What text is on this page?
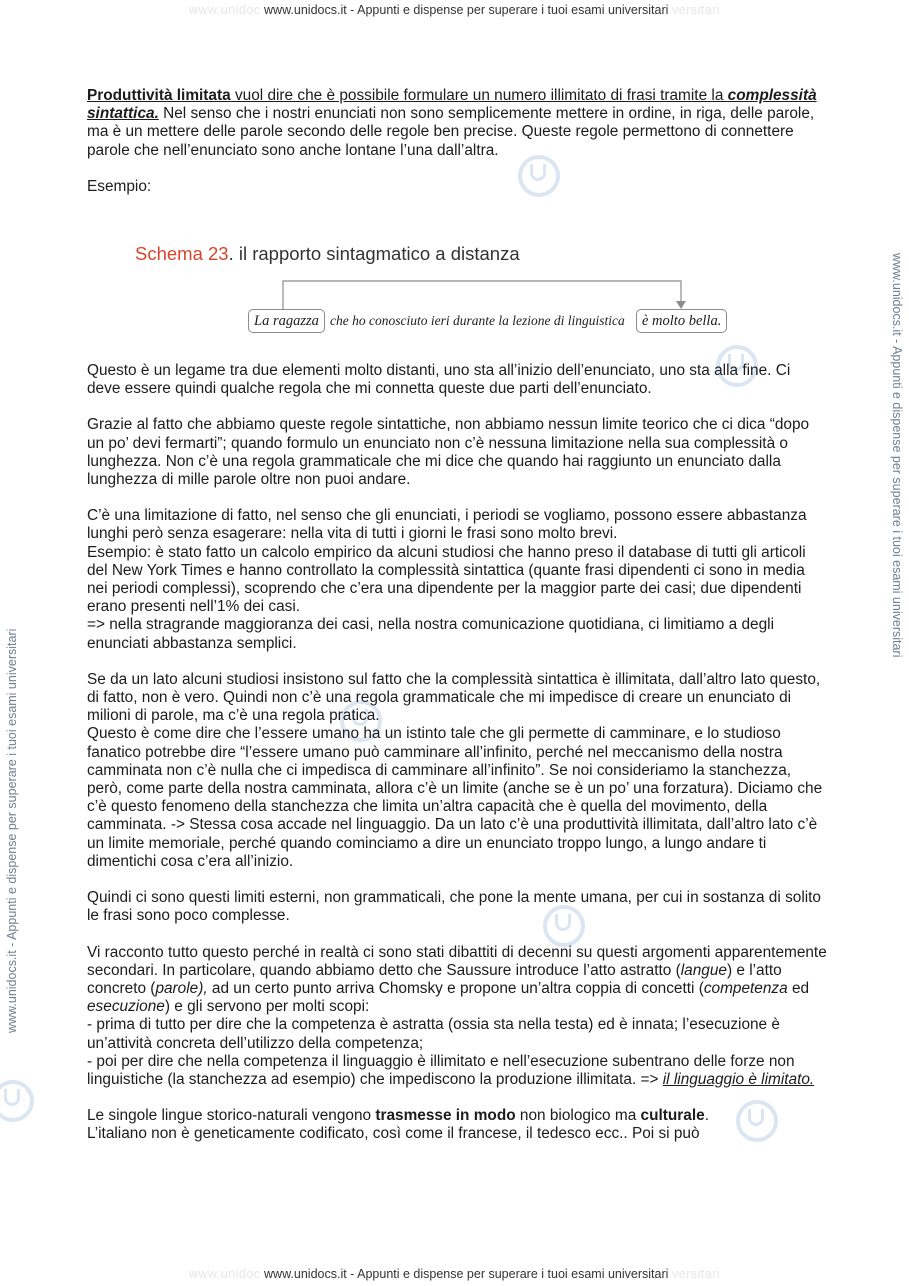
www.unidoc www.unidocs.it - Appunti e dispense per superare i tuoi esami universitari versitari
www.unidoc www.unidocs.it - Appunti e dispense per superare i tuoi esami universitari versitari
www.unidocs.it - Appunti e dispense per superare i tuoi esami universitari
www.unidocs.it - Appunti e dispense per superare i tuoi esami universitari

Produttività limitata vuol dire che è possibile formulare un numero illimitato di frasi tramite la complessità sintattica. Nel senso che i nostri enunciati non sono semplicemente mettere in ordine, in riga, delle parole, ma è un mettere delle parole secondo delle regole ben precise. Queste regole permettono di connettere parole che nell’enunciato sono anche lontane l’una dall’altra.

Esempio:

Questo è un legame tra due elementi molto distanti, uno sta all’inizio dell’enunciato, uno sta alla fine. Ci deve essere quindi qualche regola che mi connetta queste due parti dell’enunciato.

Grazie al fatto che abbiamo queste regole sintattiche, non abbiamo nessun limite teorico che ci dica “dopo un po’ devi fermarti”; quando formulo un enunciato non c’è nessuna limitazione nella sua complessità o lunghezza. Non c’è una regola grammaticale che mi dice che quando hai raggiunto un enunciato dalla lunghezza di mille parole oltre non puoi andare.

C’è una limitazione di fatto, nel senso che gli enunciati, i periodi se vogliamo, possono essere abbastanza lunghi però senza esagerare: nella vita di tutti i giorni le frasi sono molto brevi.
Esempio: è stato fatto un calcolo empirico da alcuni studiosi che hanno preso il database di tutti gli articoli del New York Times e hanno controllato la complessità sintattica (quante frasi dipendenti ci sono in media nei periodi complessi), scoprendo che c’era una dipendente per la maggior parte dei casi; due dipendenti erano presenti nell’1% dei casi.
=> nella stragrande maggioranza dei casi, nella nostra comunicazione quotidiana, ci limitiamo a degli enunciati abbastanza semplici.

Se da un lato alcuni studiosi insistono sul fatto che la complessità sintattica è illimitata, dall’altro lato questo, di fatto, non è vero. Quindi non c’è una regola grammaticale che mi impedisce di creare un enunciato di milioni di parole, ma c’è una regola pratica.
Questo è come dire che l’essere umano ha un istinto tale che gli permette di camminare, e lo studioso fanatico potrebbe dire “l’essere umano può camminare all’infinito, perché nel meccanismo della nostra camminata non c’è nulla che ci impedisca di camminare all’infinito”. Se noi consideriamo la stanchezza, però, come parte della nostra camminata, allora c’è un limite (anche se è un po’ una forzatura). Diciamo che c’è questo fenomeno della stanchezza che limita un’altra capacità che è quella del movimento, della camminata. -> Stessa cosa accade nel linguaggio. Da un lato c’è una produttività illimitata, dall’altro lato c’è un limite memoriale, perché quando cominciamo a dire un enunciato troppo lungo, a lungo andare ti dimentichi cosa c’era all’inizio.

Quindi ci sono questi limiti esterni, non grammaticali, che pone la mente umana, per cui in sostanza di solito le frasi sono poco complesse.

Vi racconto tutto questo perché in realtà ci sono stati dibattiti di decenni su questi argomenti apparentemente secondari. In particolare, quando abbiamo detto che Saussure introduce l’atto astratto (langue) e l’atto concreto (parole), ad un certo punto arriva Chomsky e propone un’altra coppia di concetti (competenza ed esecuzione) e gli servono per molti scopi:
- prima di tutto per dire che la competenza è astratta (ossia sta nella testa) ed è innata; l’esecuzione è un’attività concreta dell’utilizzo della competenza;
- poi per dire che nella competenza il linguaggio è illimitato e nell’esecuzione subentrano delle forze non linguistiche (la stanchezza ad esempio) che impediscono la produzione illimitata. => il linguaggio è limitato.

Le singole lingue storico-naturali vengono trasmesse in modo non biologico ma culturale.
L’italiano non è geneticamente codificato, così come il francese, il tedesco ecc.. Poi si può

Schema 23. il rapporto sintagmatico a distanza
La ragazza che ho conosciuto ieri durante la lezione di linguistica	è molto bella.
